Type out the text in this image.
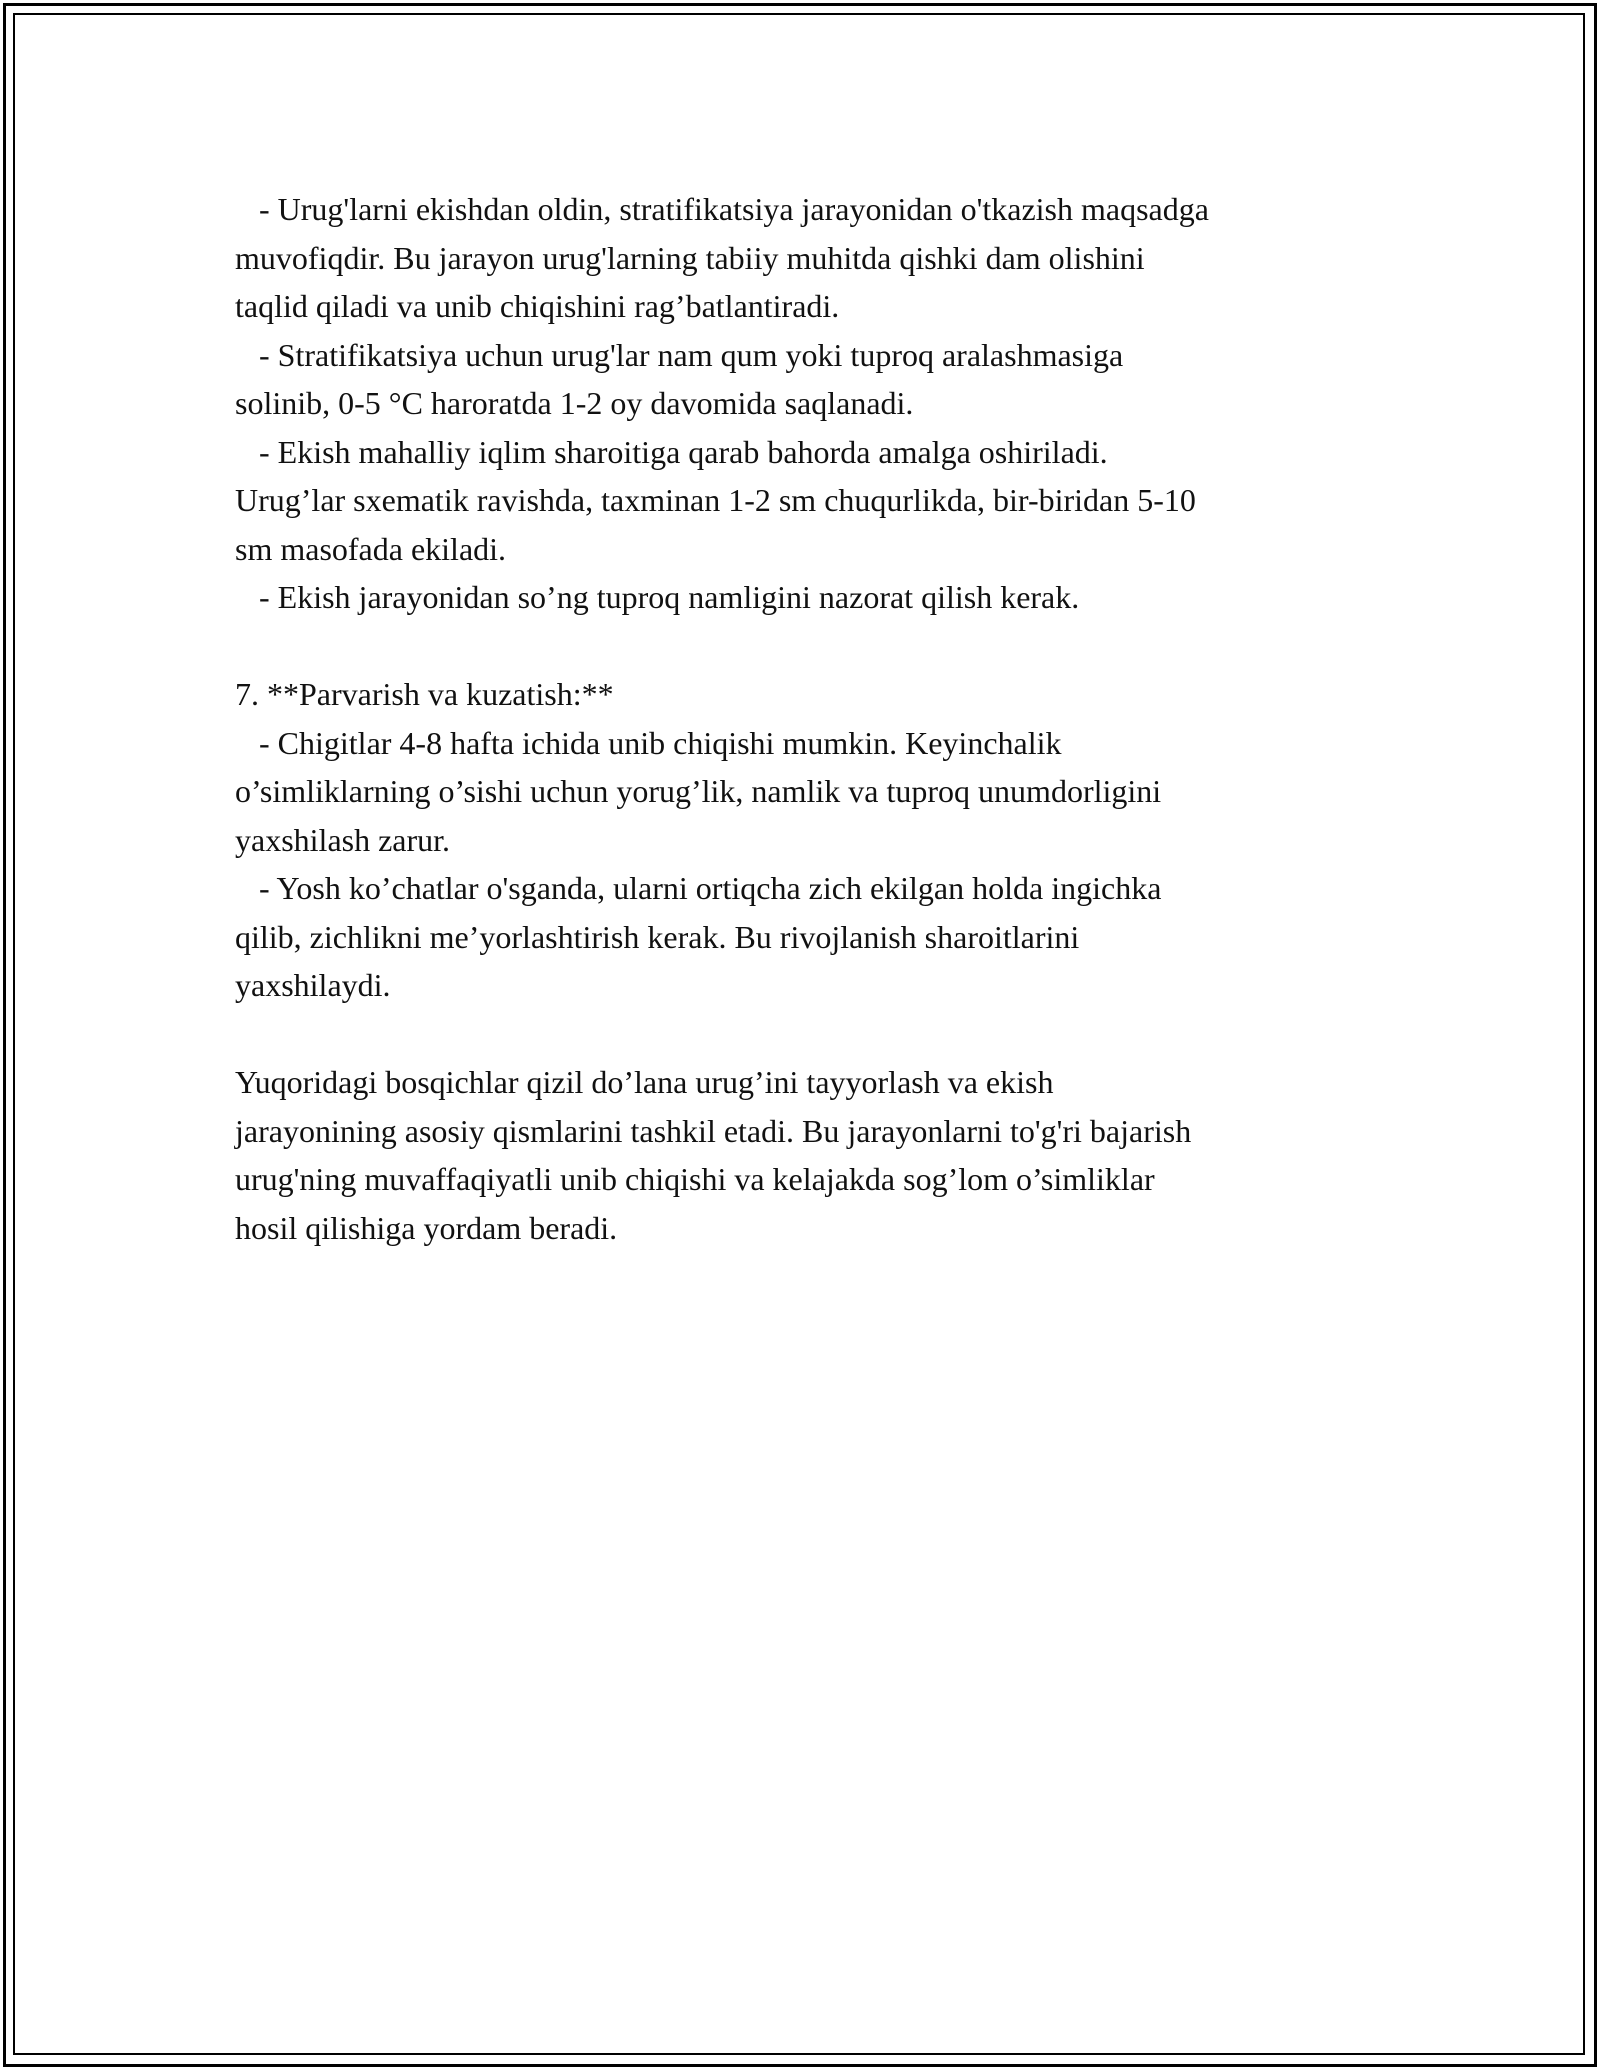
- Urug'larni ekishdan oldin, stratifikatsiya jarayonidan o'tkazish maqsadga
muvofiqdir. Bu jarayon urug'larning tabiiy muhitda qishki dam olishini
taqlid qiladi va unib chiqishini rag’batlantiradi.
- Stratifikatsiya uchun urug'lar nam qum yoki tuproq aralashmasiga
solinib, 0-5 °C haroratda 1-2 oy davomida saqlanadi.
- Ekish mahalliy iqlim sharoitiga qarab bahorda amalga oshiriladi.
Urug’lar sxematik ravishda, taxminan 1-2 sm chuqurlikda, bir-biridan 5-10
sm masofada ekiladi.
- Ekish jarayonidan so’ng tuproq namligini nazorat qilish kerak.
7. **Parvarish va kuzatish:**
- Chigitlar 4-8 hafta ichida unib chiqishi mumkin. Keyinchalik
o’simliklarning o’sishi uchun yorug’lik, namlik va tuproq unumdorligini
yaxshilash zarur.
- Yosh ko’chatlar o'sganda, ularni ortiqcha zich ekilgan holda ingichka
qilib, zichlikni me’yorlashtirish kerak. Bu rivojlanish sharoitlarini
yaxshilaydi.
Yuqoridagi bosqichlar qizil do’lana urug’ini tayyorlash va ekish
jarayonining asosiy qismlarini tashkil etadi. Bu jarayonlarni to'g'ri bajarish
urug'ning muvaffaqiyatli unib chiqishi va kelajakda sog’lom o’simliklar
hosil qilishiga yordam beradi.
